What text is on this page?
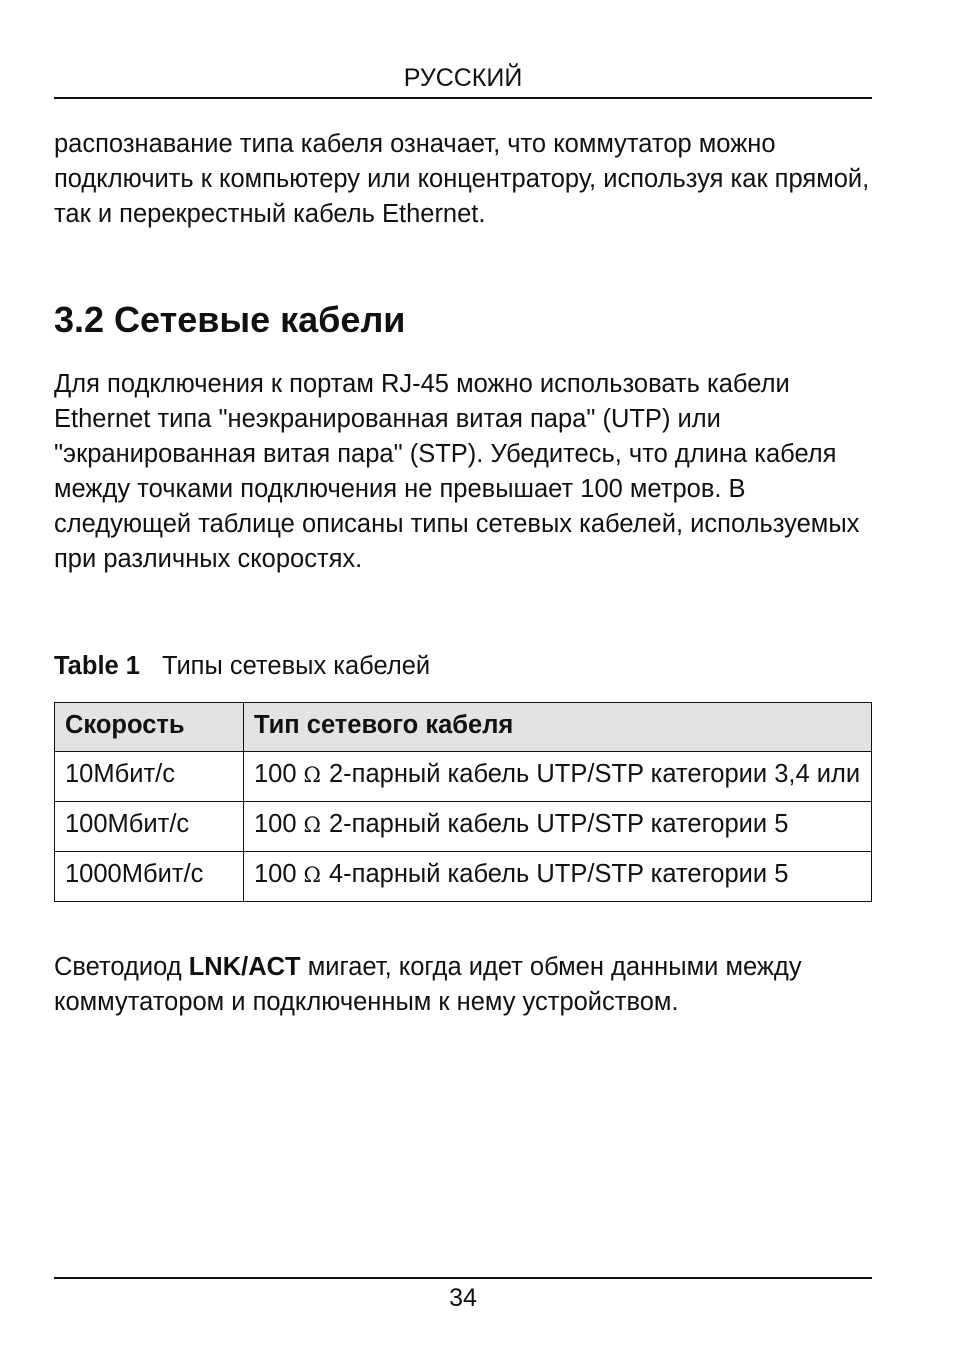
РУССКИЙ

распознавание типа кабеля означает, что коммутатор можно подключить к компьютеру или концентратору, используя как прямой, так и перекрестный кабель Ethernet.

3.2 Сетевые кабели

Для подключения к портам RJ-45 можно использовать кабели Ethernet типа "неэкранированная витая пара" (UTP) или "экранированная витая пара" (STP). Убедитесь, что длина кабеля между точками подключения не превышает 100 метров. В следующей таблице описаны типы сетевых кабелей, используемых при различных скоростях.

Table 1 Типы сетевых кабелей
Скорость	Тип сетевого кабеля
10Мбит/с	100 Ω 2-парный кабель UTP/STP категории 3,4 или
100Мбит/с	100 Ω 2-парный кабель UTP/STP категории 5
1000Мбит/с	100 Ω 4-парный кабель UTP/STP категории 5

Светодиод LNK/ACT мигает, когда идет обмен данными между коммутатором и подключенным к нему устройством.

34
